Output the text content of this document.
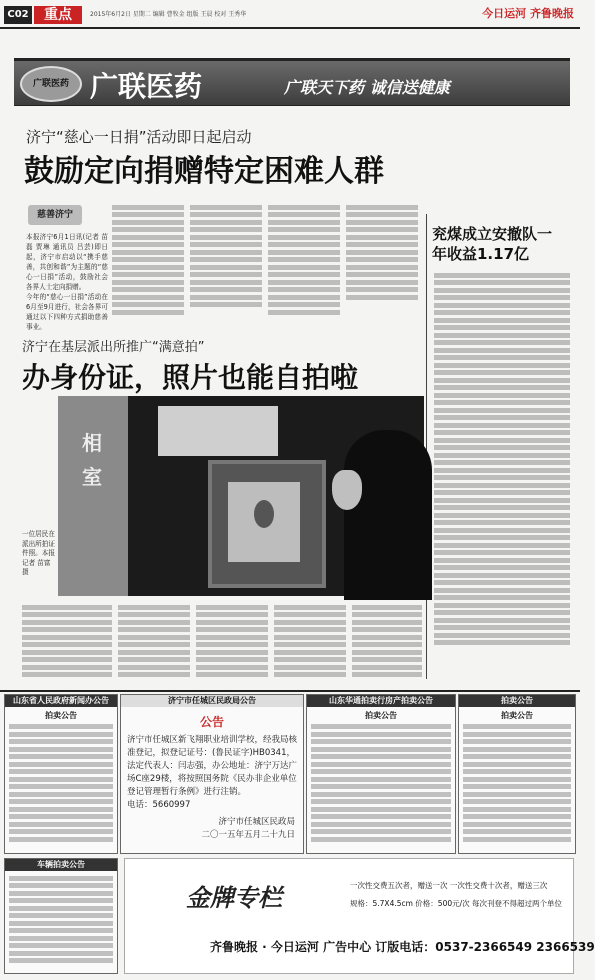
C02	重点	2015年6月2日 星期二 编辑 曹牧金 组版 王晨 校对 王秀华	今日运河 齐鲁晚报
广联医药 广联医药	广联天下药 诚信送健康
济宁“慈心一日捐”活动即日起启动
鼓励定向捐赠特定困难人群
慈善济宁
本报济宁6月1日讯(记者 苗磊 贾琳 通讯员 吕芸)即日起，济宁市启动以“携手慈善，共创和谐”为主题的“慈心一日捐”活动，鼓励社会各界人士定向捐赠。
今年的“慈心一日捐”活动在6月至9月进行，社会各界可通过以下四种方式捐助慈善事业。
兖煤成立安撤队一年收益1.17亿
济宁在基层派出所推广“满意拍”
办身份证，照片也能自拍啦
相室
一位居民在派出所拍证件照。本报记者 苗富 摄
山东省人民政府新闻办公告
拍卖公告
济宁市任城区民政局公告
公告
济宁市任城区新飞翔职业培训学校，经我局核准登记，拟登记证号：(鲁民证字)HB0341，法定代表人：闫志强，办公地址：济宁万达广场C座29楼，将按照国务院《民办非企业单位登记管理暂行条例》进行注销。
电话：5660997
济宁市任城区民政局
二〇一五年五月二十九日
山东华通拍卖行房产拍卖公告
拍卖公告
拍卖公告
拍卖公告
车辆拍卖公告
金牌专栏	一次性交费五次者，赠送一次 一次性交费十次者，赠送三次
规格：5.7X4.5cm 价格：500元/次 每次刊登不得超过两个单位
齐鲁晚报 · 今日运河 广告中心 订版电话：0537-2366549 2366539
